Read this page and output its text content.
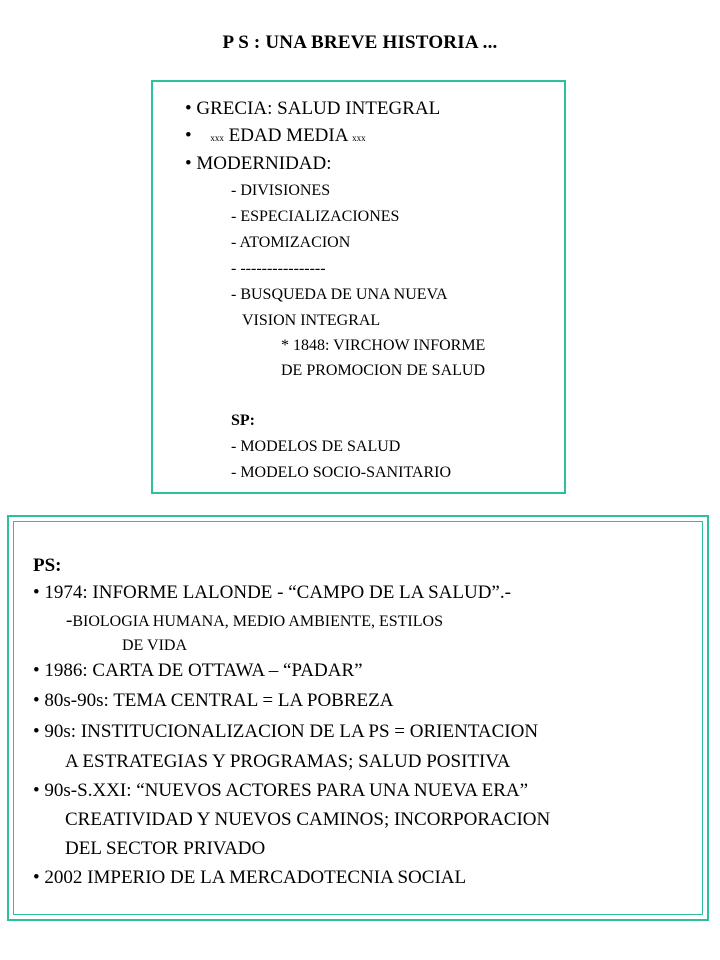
P S : UNA BREVE HISTORIA ...
• GRECIA: SALUD INTEGRAL
• xxx EDAD MEDIA xxx
• MODERNIDAD:
- DIVISIONES
- ESPECIALIZACIONES
- ATOMIZACION
- ----------------
- BUSQUEDA DE UNA NUEVA
VISION INTEGRAL
* 1848: VIRCHOW INFORME
DE PROMOCION DE SALUD
SP:
- MODELOS DE SALUD
- MODELO SOCIO-SANITARIO
PS:
• 1974: INFORME LALONDE - “CAMPO DE LA SALUD”.-
-BIOLOGIA HUMANA, MEDIO AMBIENTE, ESTILOS
DE VIDA
• 1986: CARTA DE OTTAWA – “PADAR”
• 80s-90s: TEMA CENTRAL = LA POBREZA
• 90s: INSTITUCIONALIZACION DE LA PS = ORIENTACION
A ESTRATEGIAS Y PROGRAMAS; SALUD POSITIVA
• 90s-S.XXI: “NUEVOS ACTORES PARA UNA NUEVA ERA”
CREATIVIDAD Y NUEVOS CAMINOS; INCORPORACION
DEL SECTOR PRIVADO
• 2002 IMPERIO DE LA MERCADOTECNIA SOCIAL
